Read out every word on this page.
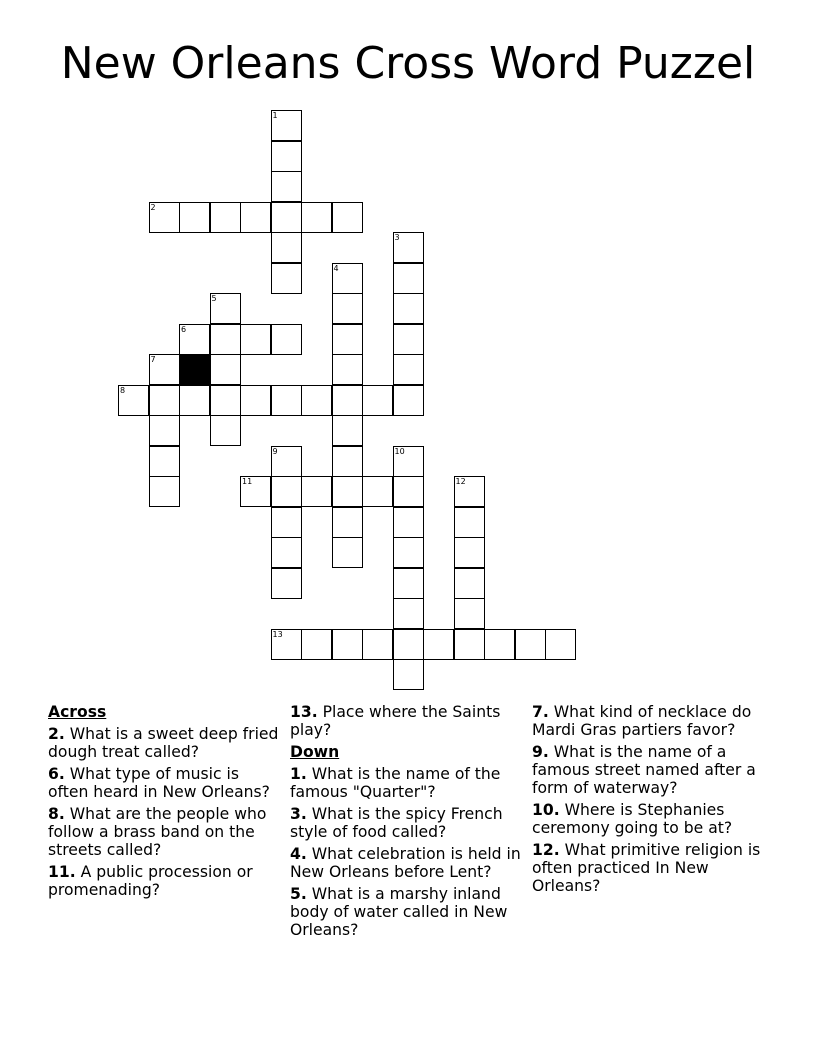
New Orleans Cross Word Puzzel
1
2
3
4
5
6
7
8
9	10
11	12
13
Across
2. What is a sweet deep fried dough treat called?
6. What type of music is often heard in New Orleans?
8. What are the people who follow a brass band on the streets called?
11. A public procession or promenading?
13. Place where the Saints play?
Down
1. What is the name of the famous "Quarter"?
3. What is the spicy French style of food called?
4. What celebration is held in New Orleans before Lent?
5. What is a marshy inland body of water called in New Orleans?
7. What kind of necklace do Mardi Gras partiers favor?
9. What is the name of a famous street named after a form of waterway?
10. Where is Stephanies ceremony going to be at?
12. What primitive religion is often practiced In New Orleans?
